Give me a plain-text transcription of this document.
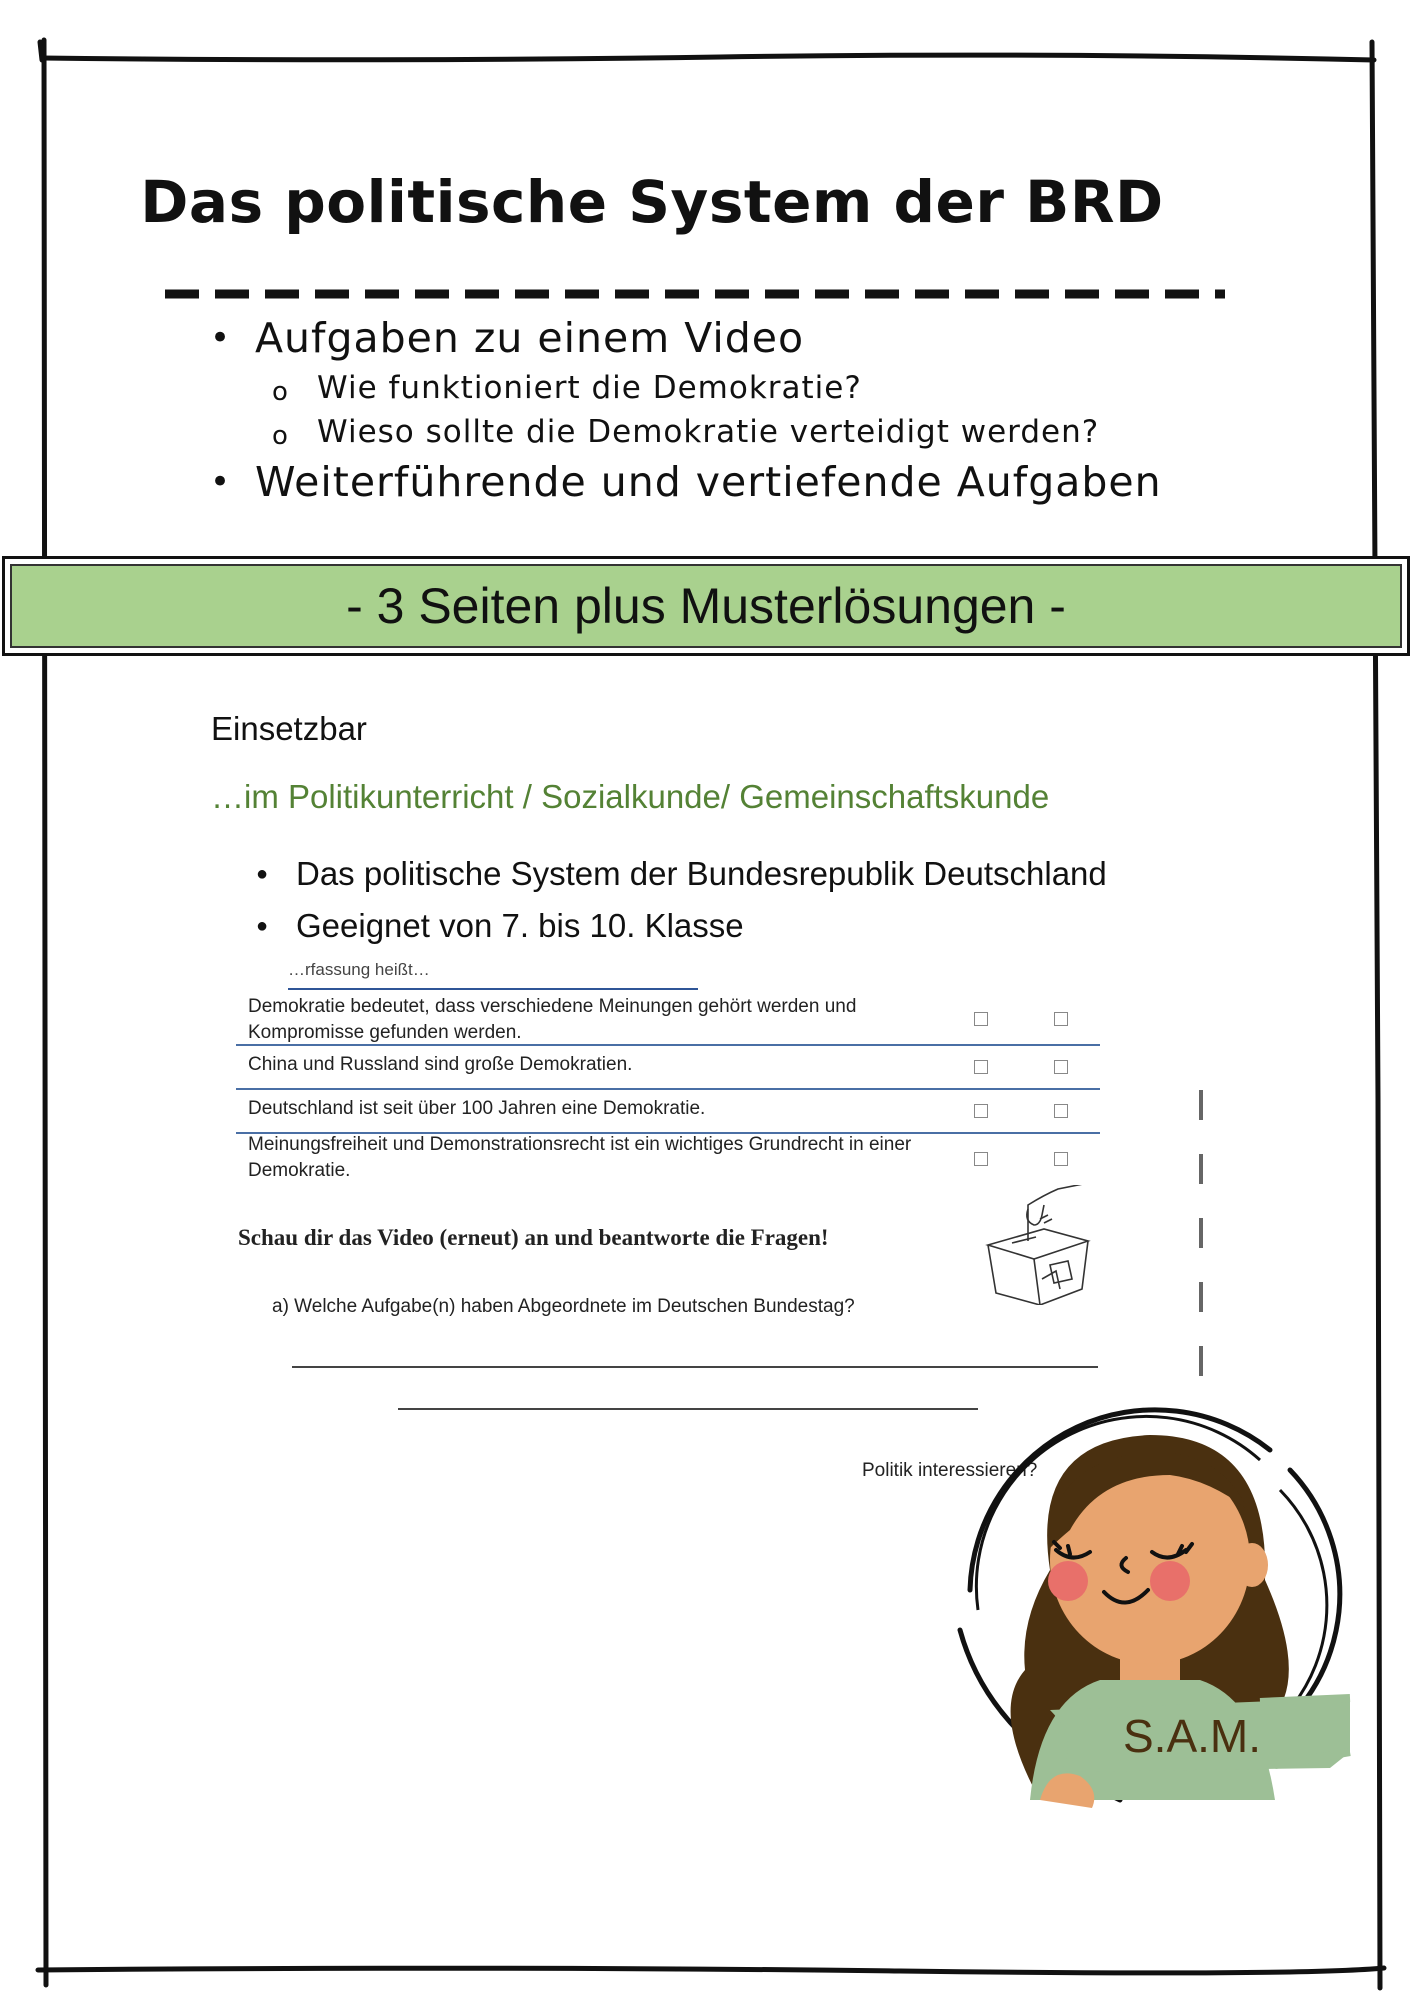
Das politische System der BRD
• Aufgaben zu einem Video
o Wie funktioniert die Demokratie?
o Wieso sollte die Demokratie verteidigt werden?
• Weiterführende und vertiefende Aufgaben
- 3 Seiten plus Musterlösungen -
Einsetzbar
…im Politikunterricht / Sozialkunde/ Gemeinschaftskunde
● Das politische System der Bundesrepublik Deutschland
● Geeignet von 7. bis 10. Klasse
…rfassung heißt…
Demokratie bedeutet, dass verschiedene Meinungen gehört werden und Kompromisse gefunden werden.
China und Russland sind große Demokratien.
Deutschland ist seit über 100 Jahren eine Demokratie.
Meinungsfreiheit und Demonstrationsrecht ist ein wichtiges Grundrecht in einer Demokratie.
Schau dir das Video (erneut) an und beantworte die Fragen!
a) Welche Aufgabe(n) haben Abgeordnete im Deutschen Bundestag?
Politik interessieren?
S.A.M.
